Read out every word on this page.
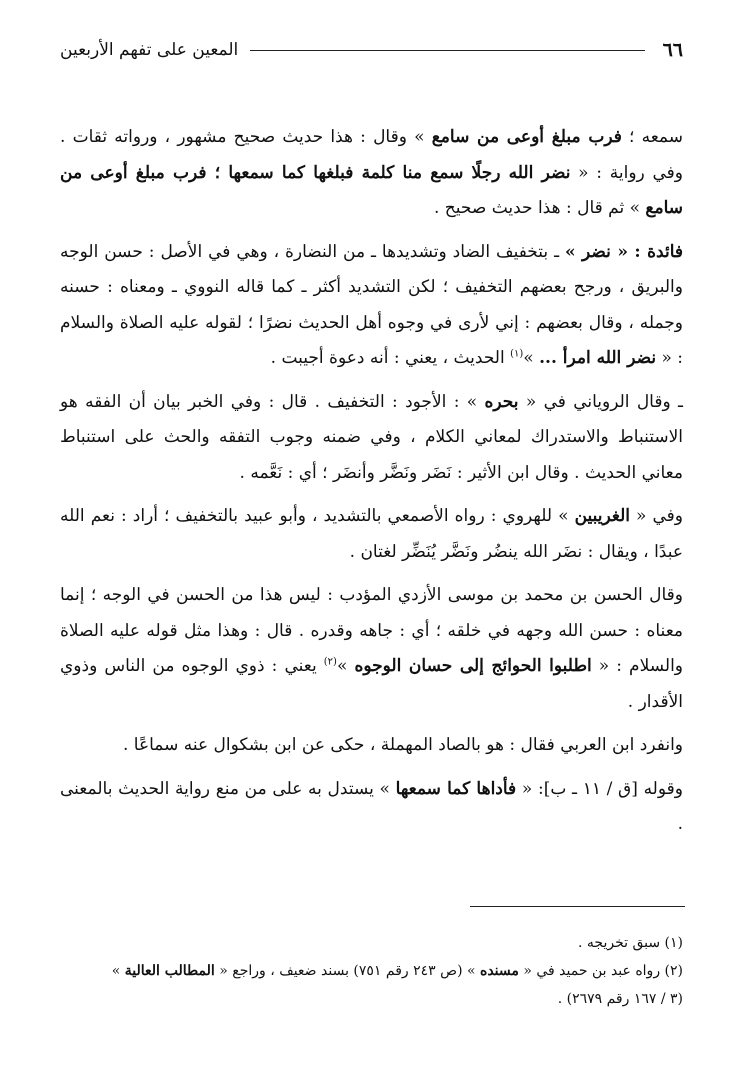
٦٦
المعين على تفهم الأربعين

سمعه ؛ فرب مبلغ أوعى من سامع » وقال : هذا حديث صحيح مشهور ، ورواته ثقات . وفي رواية : « نضر الله رجلًا سمع منا كلمة فبلغها كما سمعها ؛ فرب مبلغ أوعى من سامع » ثم قال : هذا حديث صحيح .

فائدة : « نضر » ـ بتخفيف الضاد وتشديدها ـ من النضارة ، وهي في الأصل : حسن الوجه والبريق ، ورجح بعضهم التخفيف ؛ لكن التشديد أكثر ـ كما قاله النووي ـ ومعناه : حسنه وجمله ، وقال بعضهم : إني لأرى في وجوه أهل الحديث نضرًا ؛ لقوله عليه الصلاة والسلام : « نضر الله امرأ ... »$^{(١)}$ الحديث ، يعني : أنه دعوة أجيبت .

ـ وقال الروياني في « بحره » : الأجود : التخفيف . قال : وفي الخبر بيان أن الفقه هو الاستنباط والاستدراك لمعاني الكلام ، وفي ضمنه وجوب التفقه والحث على استنباط معاني الحديث . وقال ابن الأثير : نَضَر ونَضَّر وأنضَر ؛ أي : نَعَّمه .

وفي « الغريبين » للهروي : رواه الأصمعي بالتشديد ، وأبو عبيد بالتخفيف ؛ أراد : نعم الله عبدًا ، ويقال : نضَر الله ينضُر ونَضَّر يُنَضِّر لغتان .

وقال الحسن بن محمد بن موسى الأزدي المؤدب : ليس هذا من الحسن في الوجه ؛ إنما معناه : حسن الله وجهه في خلقه ؛ أي : جاهه وقدره . قال : وهذا مثل قوله عليه الصلاة والسلام : « اطلبوا الحوائج إلى حسان الوجوه »$^{(٢)}$ يعني : ذوي الوجوه من الناس وذوي الأقدار .

وانفرد ابن العربي فقال : هو بالصاد المهملة ، حكى عن ابن بشكوال عنه سماعًا .

وقوله [ق / ١١ ـ ب]: « فأداها كما سمعها » يستدل به على من منع رواية الحديث بالمعنى .

(١) سبق تخريجه .
(٢) رواه عبد بن حميد في « مسنده » (ص ٢٤٣ رقم ٧٥١) بسند ضعيف ، وراجع « المطالب العالية »
(٣ / ١٦٧ رقم ٢٦٧٩) .
